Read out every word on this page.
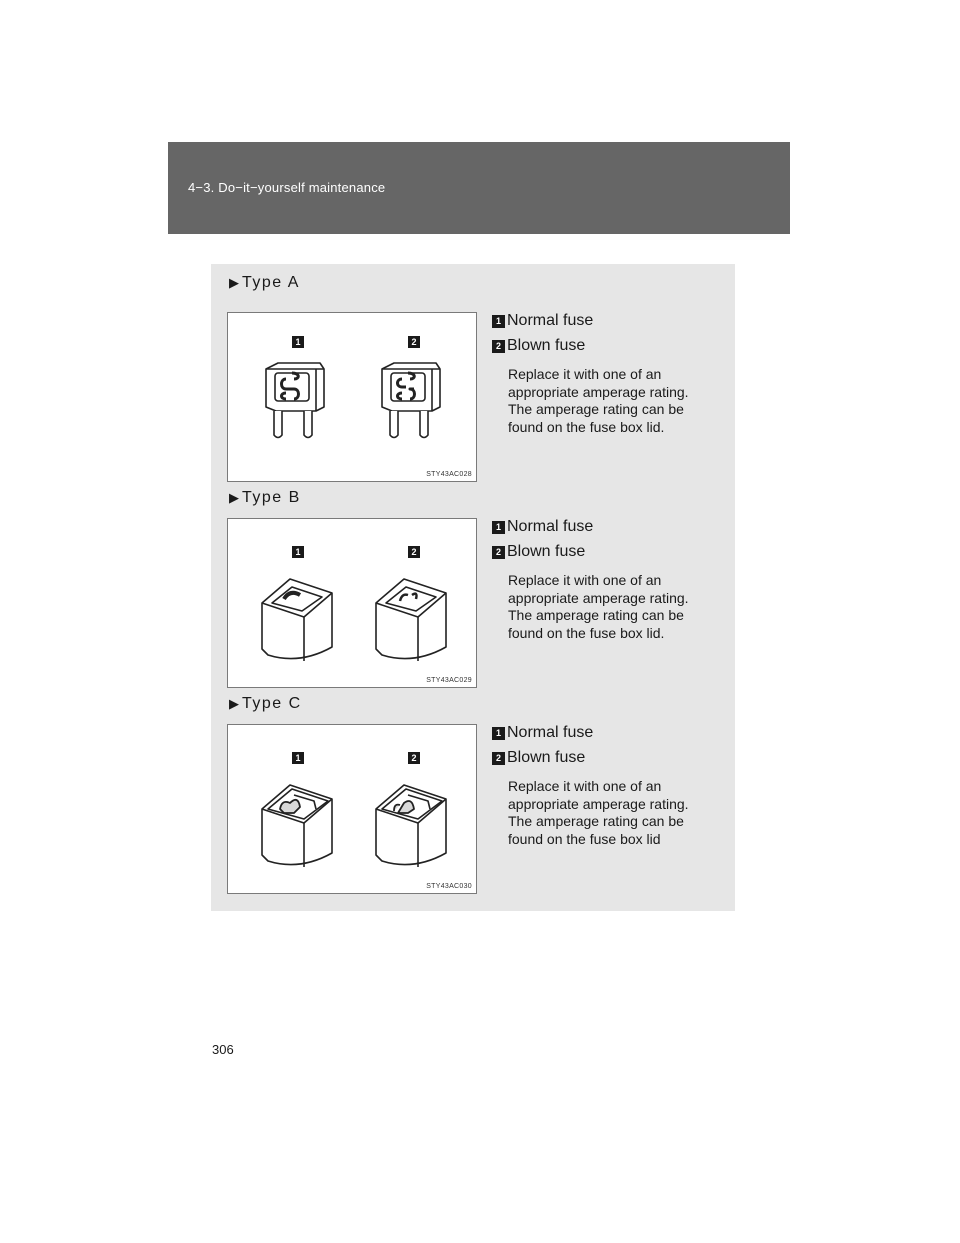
4−3. Do−it−yourself maintenance
▶ Type A
1	2
STY43AC028
1 Normal fuse
2 Blown fuse

Replace it with one of an appropriate amperage rating. The amperage rating can be found on the fuse box lid.

▶ Type B
1	2
STY43AC029
1 Normal fuse
2 Blown fuse

Replace it with one of an appropriate amperage rating. The amperage rating can be found on the fuse box lid.

▶ Type C
1	2
STY43AC030
1 Normal fuse
2 Blown fuse

Replace it with one of an appropriate amperage rating. The amperage rating can be found on the fuse box lid

306
